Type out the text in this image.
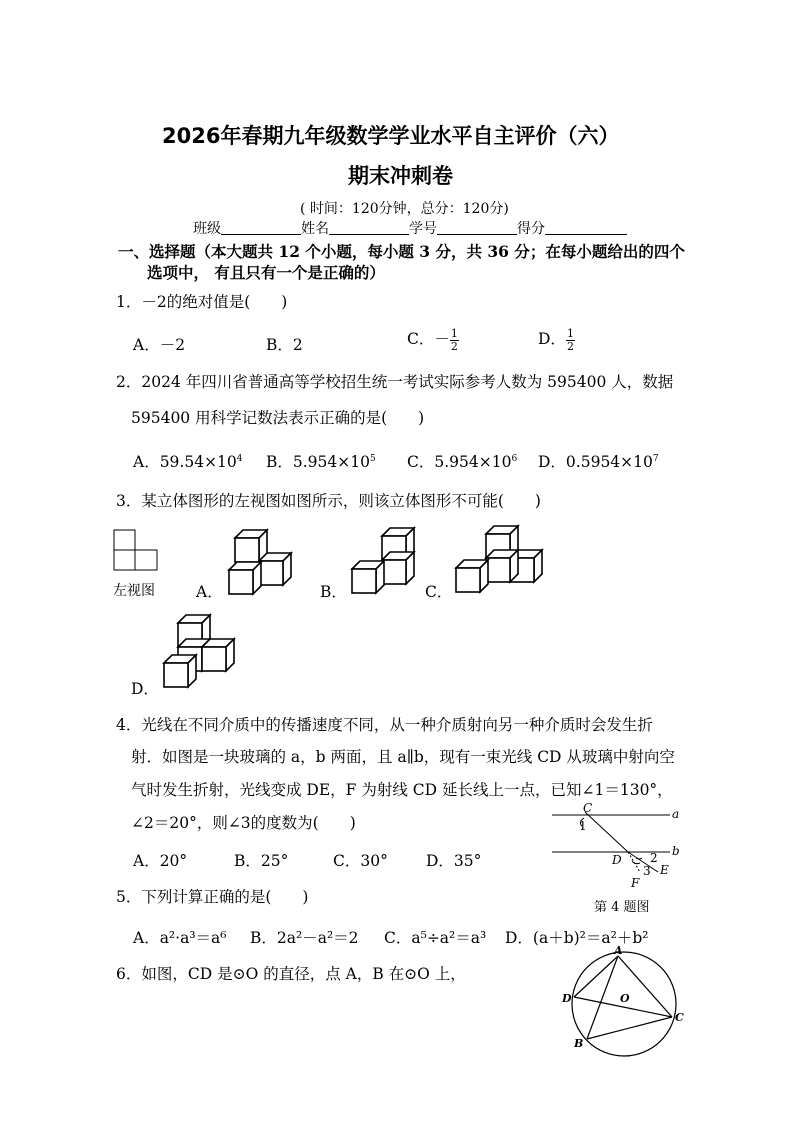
2026年春期九年级数学学业水平自主评价（六）
期末冲刺卷
( 时间：120分钟，总分：120分)
班级	姓名	学号	得分
一、选择题（本大题共 12 个小题，每小题 3 分，共 36 分；在每小题给出的四个
选项中， 有且只有一个是正确的）
1．－2的绝对值是(　　)
A．－2	B．2	C．－ $\frac{1}{2}$	D． $\frac{1}{2}$
2．2024 年四川省普通高等学校招生统一考试实际参考人数为 595400 人，数据
595400 用科学记数法表示正确的是(　　)
A．$59.54\times 10^4$ B．$5.954\times 10^5$ C．$5.954\times 10^6$ D．$0.5954\times 10^7$
3．某立体图形的左视图如图所示，则该立体图形不可能(　　)
左视图	A．	B．	C．
D．
4．光线在不同介质中的传播速度不同，从一种介质射向另一种介质时会发生折
射．如图是一块玻璃的 a，b 两面，且 a∥b，现有一束光线 CD 从玻璃中射向空
气时发生折射，光线变成 DE，F 为射线 CD 延长线上一点，已知∠1＝130°，
∠2＝20°，则∠3的度数为(　　)
A．20°	B．25°	C．30° D．35°
C	a
1
D 2 b
E
3
F
第 4 题图
5．下列计算正确的是(　　)
A．a²·a³＝a⁶ B．2a²－a²＝2 C．a⁵÷a²＝a³ D．(a＋b)²＝a²＋b²
6．如图，CD 是⊙O 的直径，点 A，B 在⊙O 上，
A
O
D
C
B
